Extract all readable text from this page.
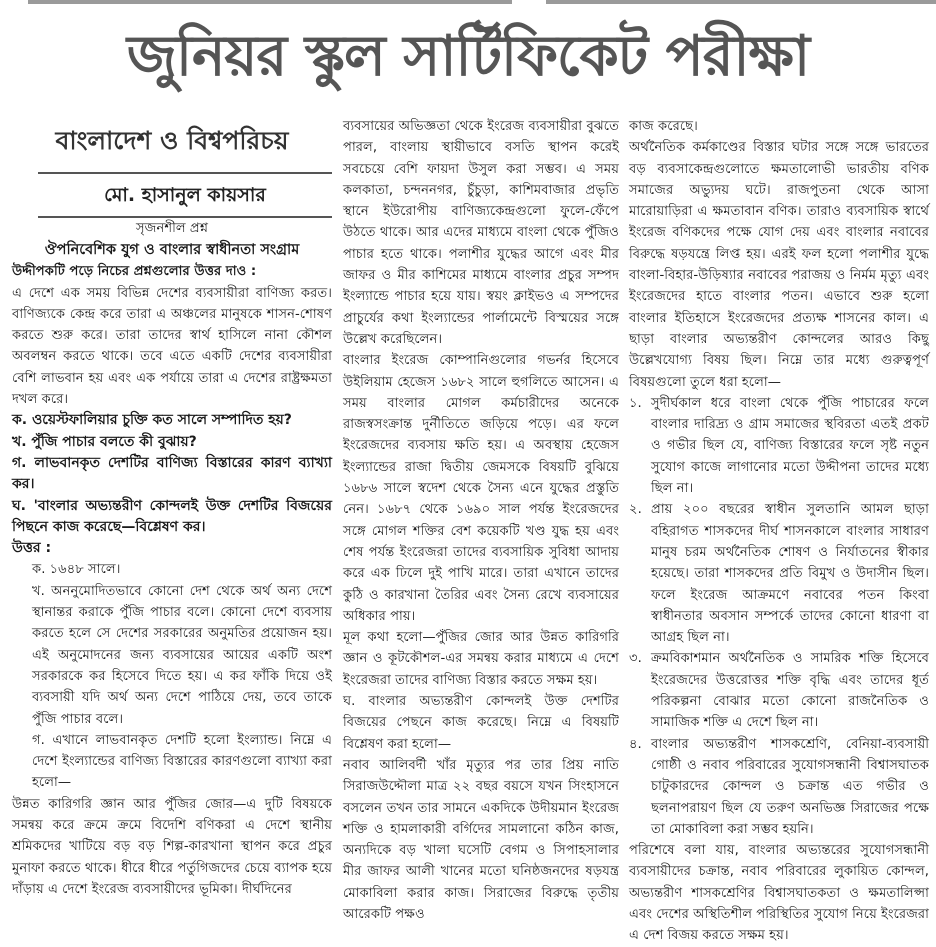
জুনিয়র স্কুল সার্টিফিকেট পরীক্ষা
বাংলাদেশ ও বিশ্বপরিচয়
মো. হাসানুল কায়সার

সৃজনশীল প্রশ্ন

ঔপনিবেশিক যুগ ও বাংলার স্বাধীনতা সংগ্রাম

উদ্দীপকটি পড়ে নিচের প্রশ্নগুলোর উত্তর দাও :

এ দেশে এক সময় বিভিন্ন দেশের ব্যবসায়ীরা বাণিজ্য করত। বাণিজ্যকে কেন্দ্র করে তারা এ অঞ্চলের মানুষকে শাসন-শোষণ করতে শুরু করে। তারা তাদের স্বার্থ হাসিলে নানা কৌশল অবলম্বন করতে থাকে। তবে এতে একটি দেশের ব্যবসায়ীরা বেশি লাভবান হয় এবং এক পর্যায়ে তারা এ দেশের রাষ্ট্রক্ষমতা দখল করে।

ক. ওয়েস্টফালিয়ার চুক্তি কত সালে সম্পাদিত হয়?

খ. পুঁজি পাচার বলতে কী বুঝায়?

গ. লাভবানকৃত দেশটির বাণিজ্য বিস্তারের কারণ ব্যাখ্যা কর।

ঘ. 'বাংলার অভ্যন্তরীণ কোন্দলই উক্ত দেশটির বিজয়ের পিছনে কাজ করেছে—বিশ্লেষণ কর।

উত্তর :

ক. ১৬৪৮ সালে।

খ. অননুমোদিতভাবে কোনো দেশ থেকে অর্থ অন্য দেশে স্থানান্তর করাকে পুঁজি পাচার বলে। কোনো দেশে ব্যবসায় করতে হলে সে দেশের সরকারের অনুমতির প্রয়োজন হয়। এই অনুমোদনের জন্য ব্যবসায়ের আয়ের একটি অংশ সরকারকে কর হিসেবে দিতে হয়। এ কর ফাঁকি দিয়ে ওই ব্যবসায়ী যদি অর্থ অন্য দেশে পাঠিয়ে দেয়, তবে তাকে পুঁজি পাচার বলে।

গ. এখানে লাভবানকৃত দেশটি হলো ইংল্যান্ড। নিম্নে এ দেশে ইংল্যান্ডের বাণিজ্য বিস্তারের কারণগুলো ব্যাখ্যা করা হলো—

উন্নত কারিগরি জ্ঞান আর পুঁজির জোর—এ দুটি বিষয়কে সমন্বয় করে ক্রমে ক্রমে বিদেশি বণিকরা এ দেশে স্থানীয় শ্রমিকদের খাটিয়ে বড় বড় শিল্প-কারখানা স্থাপন করে প্রচুর মুনাফা করতে থাকে। ধীরে ধীরে পর্তুগিজদের চেয়ে ব্যাপক হয়ে দাঁড়ায় এ দেশে ইংরেজ ব্যবসায়ীদের ভূমিকা। দীর্ঘদিনের

ব্যবসায়ের অভিজ্ঞতা থেকে ইংরেজ ব্যবসায়ীরা বুঝতে পারল, বাংলায় স্থায়ীভাবে বসতি স্থাপন করেই সবচেয়ে বেশি ফায়দা উসুল করা সম্ভব। এ সময় কলকাতা, চন্দননগর, চুঁচুড়া, কাশিমবাজার প্রভৃতি স্থানে ইউরোপীয় বাণিজ্যকেন্দ্রগুলো ফুলে-ফেঁপে উঠতে থাকে। আর এদের মাধ্যমে বাংলা থেকে পুঁজিও পাচার হতে থাকে। পলাশীর যুদ্ধের আগে এবং মীর জাফর ও মীর কাশিমের মাধ্যমে বাংলার প্রচুর সম্পদ ইংল্যান্ডে পাচার হয়ে যায়। স্বয়ং ক্লাইভও এ সম্পদের প্রাচুর্যের কথা ইংল্যান্ডের পার্লামেন্টে বিস্ময়ের সঙ্গে উল্লেখ করেছিলেন।

বাংলার ইংরেজ কোম্পানিগুলোর গভর্নর হিসেবে উইলিয়াম হেজেস ১৬৮২ সালে হুগলিতে আসেন। এ সময় বাংলার মোগল কর্মচারীদের অনেকে রাজস্বসংক্রান্ত দুর্নীতিতে জড়িয়ে পড়ে। এর ফলে ইংরেজদের ব্যবসায় ক্ষতি হয়। এ অবস্থায় হেজেস ইংল্যান্ডের রাজা দ্বিতীয় জেমসকে বিষয়টি বুঝিয়ে ১৬৮৬ সালে স্বদেশ থেকে সৈন্য এনে যুদ্ধের প্রস্তুতি নেন। ১৬৮৭ থেকে ১৬৯০ সাল পর্যন্ত ইংরেজদের সঙ্গে মোগল শক্তির বেশ কয়েকটি খণ্ড যুদ্ধ হয় এবং শেষ পর্যন্ত ইংরেজরা তাদের ব্যবসায়িক সুবিধা আদায় করে এক ঢিলে দুই পাখি মারে। তারা এখানে তাদের কুঠি ও কারখানা তৈরির এবং সৈন্য রেখে ব্যবসায়ের অধিকার পায়।

মূল কথা হলো—পুঁজির জোর আর উন্নত কারিগরি জ্ঞান ও কূটকৌশল-এর সমন্বয় করার মাধ্যমে এ দেশে ইংরেজরা তাদের বাণিজ্য বিস্তার করতে সক্ষম হয়।

ঘ. বাংলার অভ্যন্তরীণ কোন্দলই উক্ত দেশটির বিজয়ের পেছনে কাজ করেছে। নিম্নে এ বিষয়টি বিশ্লেষণ করা হলো—

নবাব আলিবর্দী খাঁর মৃত্যুর পর তার প্রিয় নাতি সিরাজউদ্দৌলা মাত্র ২২ বছর বয়সে যখন সিংহাসনে বসলেন তখন তার সামনে একদিকে উদীয়মান ইংরেজ শক্তি ও হামলাকারী বর্গিদের সামলানো কঠিন কাজ, অন্যদিকে বড় খালা ঘসেটি বেগম ও সিপাহসালার মীর জাফর আলী খানের মতো ঘনিষ্ঠজনদের ষড়যন্ত্র মোকাবিলা করার কাজ। সিরাজের বিরুদ্ধে তৃতীয় আরেকটি পক্ষও

কাজ করেছে।

অর্থনৈতিক কর্মকাণ্ডের বিস্তার ঘটার সঙ্গে সঙ্গে ভারতের বড় ব্যবসাকেন্দ্রগুলোতে ক্ষমতালোভী ভারতীয় বণিক সমাজের অভ্যুদয় ঘটে। রাজপুতনা থেকে আসা মারোয়াড়িরা এ ক্ষমতাবান বণিক। তারাও ব্যবসায়িক স্বার্থে ইংরেজ বণিকদের পক্ষে যোগ দেয় এবং বাংলার নবাবের বিরুদ্ধে ষড়যন্ত্রে লিপ্ত হয়। এরই ফল হলো পলাশীর যুদ্ধে বাংলা-বিহার-উড়িষ্যার নবাবের পরাজয় ও নির্মম মৃত্যু এবং ইংরেজদের হাতে বাংলার পতন। এভাবে শুরু হলো বাংলার ইতিহাসে ইংরেজদের প্রত্যক্ষ শাসনের কাল। এ ছাড়া বাংলার অভ্যন্তরীণ কোন্দলের আরও কিছু উল্লেখযোগ্য বিষয় ছিল। নিম্নে তার মধ্যে গুরুত্বপূর্ণ বিষয়গুলো তুলে ধরা হলো—

১. সুদীর্ঘকাল ধরে বাংলা থেকে পুঁজি পাচারের ফলে বাংলার দারিদ্র্য ও গ্রাম সমাজের স্থবিরতা এতই প্রকট ও গভীর ছিল যে, বাণিজ্য বিস্তারের ফলে সৃষ্ট নতুন সুযোগ কাজে লাগানোর মতো উদ্দীপনা তাদের মধ্যে ছিল না।
২. প্রায় ২০০ বছরের স্বাধীন সুলতানি আমল ছাড়া বহিরাগত শাসকদের দীর্ঘ শাসনকালে বাংলার সাধারণ মানুষ চরম অর্থনৈতিক শোষণ ও নির্যাতনের স্বীকার হয়েছে। তারা শাসকদের প্রতি বিমুখ ও উদাসীন ছিল। ফলে ইংরেজ আক্রমণে নবাবের পতন কিংবা স্বাধীনতার অবসান সম্পর্কে তাদের কোনো ধারণা বা আগ্রহ ছিল না।
৩. ক্রমবিকাশমান অর্থনৈতিক ও সামরিক শক্তি হিসেবে ইংরেজদের উত্তরোত্তর শক্তি বৃদ্ধি এবং তাদের ধূর্ত পরিকল্পনা বোঝার মতো কোনো রাজনৈতিক ও সামাজিক শক্তি এ দেশে ছিল না।
৪. বাংলার অভ্যন্তরীণ শাসকশ্রেণি, বেনিয়া-ব্যবসায়ী গোষ্ঠী ও নবাব পরিবারের সুযোগসন্ধানী বিশ্বাসঘাতক চাটুকারদের কোন্দল ও চক্রান্ত এত গভীর ও ছলনাপরায়ণ ছিল যে তরুণ অনভিজ্ঞ সিরাজের পক্ষে তা মোকাবিলা করা সম্ভব হয়নি।

পরিশেষে বলা যায়, বাংলার অভ্যন্তরের সুযোগসন্ধানী ব্যবসায়ীদের চক্রান্ত, নবাব পরিবারের লুকায়িত কোন্দল, অভ্যন্তরীণ শাসকশ্রেণির বিশ্বাসঘাতকতা ও ক্ষমতালিপ্সা এবং দেশের অস্থিতিশীল পরিস্থিতির সুযোগ নিয়ে ইংরেজরা এ দেশ বিজয় করতে সক্ষম হয়।
